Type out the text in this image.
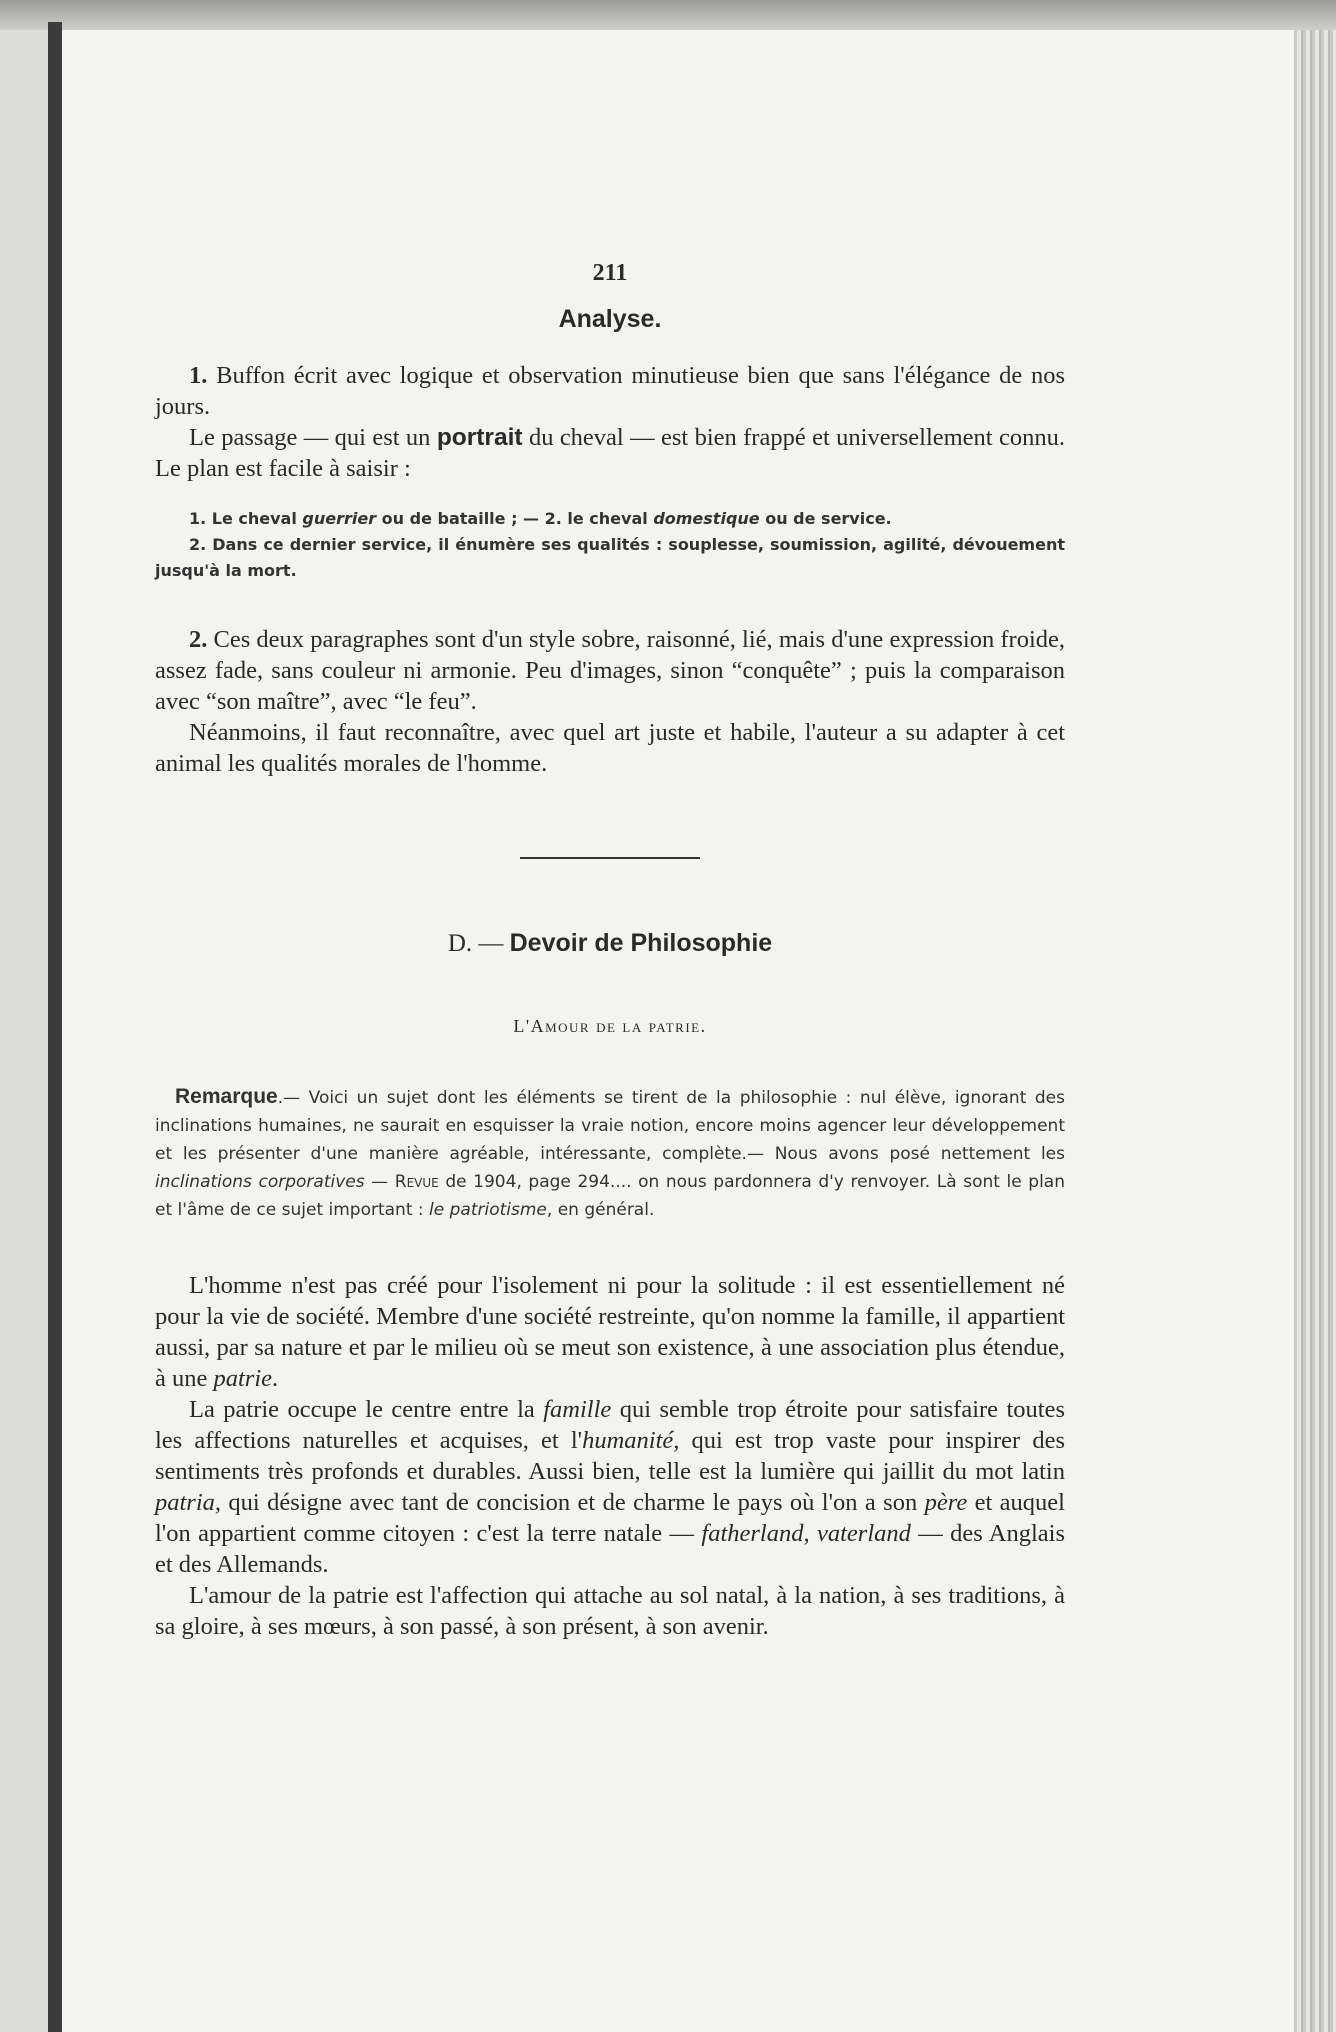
211
Analyse.

1. Buffon écrit avec logique et observation minutieuse bien que sans l'élégance de nos jours.

Le passage — qui est un portrait du cheval — est bien frappé et universellement connu. Le plan est facile à saisir :

1. Le cheval guerrier ou de bataille ; — 2. le cheval domestique ou de service.

2. Dans ce dernier service, il énumère ses qualités : souplesse, soumission, agilité, dévouement jusqu'à la mort.

2. Ces deux paragraphes sont d'un style sobre, raisonné, lié, mais d'une expression froide, assez fade, sans couleur ni armonie. Peu d'images, sinon “conquête” ; puis la comparaison avec “son maître”, avec “le feu”.

Néanmoins, il faut reconnaître, avec quel art juste et habile, l'auteur a su adapter à cet animal les qualités morales de l'homme.

D. — Devoir de Philosophie
L'Amour de la patrie.
Remarque.— Voici un sujet dont les éléments se tirent de la philosophie : nul élève, ignorant des inclinations humaines, ne saurait en esquisser la vraie notion, encore moins agencer leur développement et les présenter d'une manière agréable, intéressante, complète.— Nous avons posé nettement les inclinations corporatives — Revue de 1904, page 294.... on nous pardonnera d'y renvoyer. Là sont le plan et l'âme de ce sujet important : le patriotisme, en général.

L'homme n'est pas créé pour l'isolement ni pour la solitude : il est essentiellement né pour la vie de société. Membre d'une société restreinte, qu'on nomme la famille, il appartient aussi, par sa nature et par le milieu où se meut son existence, à une association plus étendue, à une patrie.

La patrie occupe le centre entre la famille qui semble trop étroite pour satisfaire toutes les affections naturelles et acquises, et l'humanité, qui est trop vaste pour inspirer des sentiments très profonds et durables. Aussi bien, telle est la lumière qui jaillit du mot latin patria, qui désigne avec tant de concision et de charme le pays où l'on a son père et auquel l'on appartient comme citoyen : c'est la terre natale — fatherland, vaterland — des Anglais et des Allemands.

L'amour de la patrie est l'affection qui attache au sol natal, à la nation, à ses traditions, à sa gloire, à ses mœurs, à son passé, à son présent, à son avenir.
